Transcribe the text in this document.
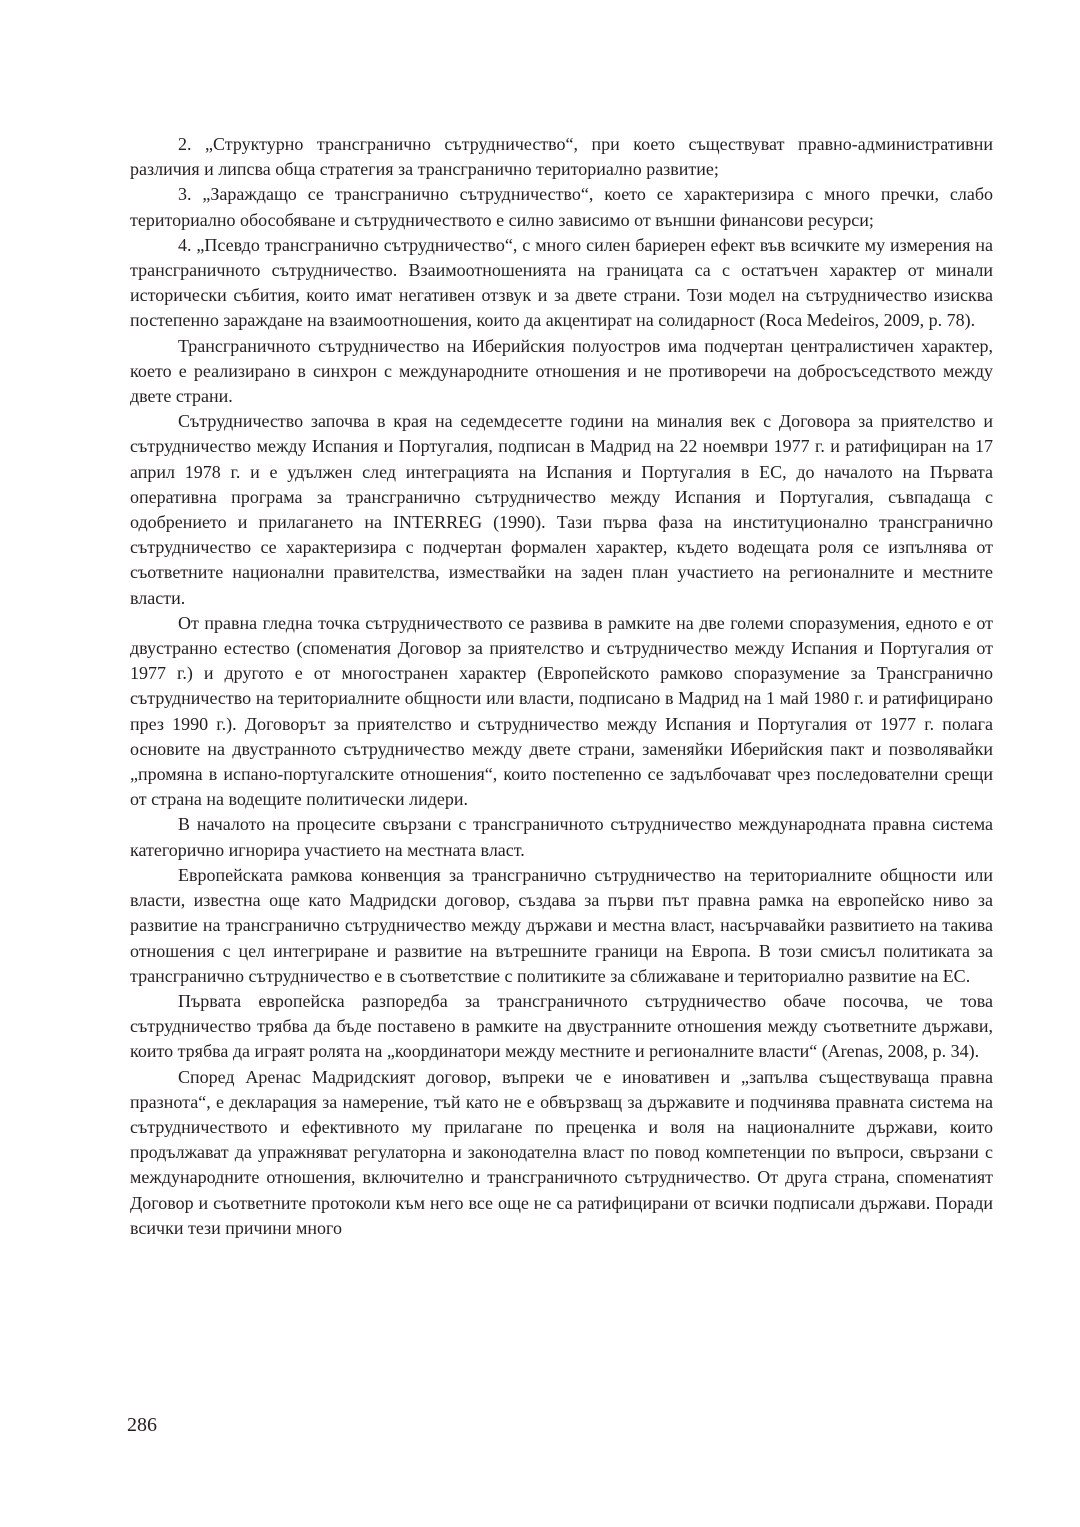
2. „Структурно трансгранично сътрудничество“, при което съществуват правно-административни различия и липсва обща стратегия за трансгранично териториално развитие;

3. „Зараждащо се трансгранично сътрудничество“, което се характеризира с много пречки, слабо териториално обособяване и сътрудничеството е силно зависимо от външни финансови ресурси;

4. „Псевдо трансгранично сътрудничество“, с много силен бариерен ефект във всичките му измерения на трансграничното сътрудничество. Взаимоотношенията на границата са с остатъчен характер от минали исторически събития, които имат негативен отзвук и за двете страни. Този модел на сътрудничество изисква постепенно зараждане на взаимоотношения, които да акцентират на солидарност (Roca Medeiros, 2009, p. 78).

Трансграничното сътрудничество на Иберийския полуостров има подчертан централистичен характер, което е реализирано в синхрон с международните отношения и не противоречи на добросъседството между двете страни.

Сътрудничество започва в края на седемдесетте години на миналия век с Договора за приятелство и сътрудничество между Испания и Португалия, подписан в Мадрид на 22 ноември 1977 г. и ратифициран на 17 април 1978 г. и е удължен след интеграцията на Испания и Португалия в ЕС, до началото на Първата оперативна програма за трансгранично сътрудничество между Испания и Португалия, съвпадаща с одобрението и прилагането на INTERREG (1990). Тази първа фаза на институционално трансгранично сътрудничество се характеризира с подчертан формален характер, където водещата роля се изпълнява от съответните национални правителства, измествайки на заден план участието на регионалните и местните власти.

От правна гледна точка сътрудничеството се развива в рамките на две големи споразумения, едното е от двустранно естество (споменатия Договор за приятелство и сътрудничество между Испания и Португалия от 1977 г.) и другото е от многостранен характер (Европейското рамково споразумение за Трансгранично сътрудничество на териториалните общности или власти, подписано в Мадрид на 1 май 1980 г. и ратифицирано през 1990 г.). Договорът за приятелство и сътрудничество между Испания и Португалия от 1977 г. полага основите на двустранното сътрудничество между двете страни, заменяйки Иберийския пакт и позволявайки „промяна в испано-португалските отношения“, които постепенно се задълбочават чрез последователни срещи от страна на водещите политически лидери.

В началото на процесите свързани с трансграничното сътрудничество международната правна система категорично игнорира участието на местната власт.

Европейската рамкова конвенция за трансгранично сътрудничество на териториалните общности или власти, известна още като Мадридски договор, създава за първи път правна рамка на европейско ниво за развитие на трансгранично сътрудничество между държави и местна власт, насърчавайки развитието на такива отношения с цел интегриране и развитие на вътрешните граници на Европа. В този смисъл политиката за трансгранично сътрудничество е в съответствие с политиките за сближаване и териториално развитие на ЕС.

Първата европейска разпоредба за трансграничното сътрудничество обаче посочва, че това сътрудничество трябва да бъде поставено в рамките на двустранните отношения между съответните държави, които трябва да играят ролята на „координатори между местните и регионалните власти“ (Arenas, 2008, p. 34).

Според Аренас Мадридският договор, въпреки че е иновативен и „запълва съществуваща правна празнота“, е декларация за намерение, тъй като не е обвързващ за държавите и подчинява правната система на сътрудничеството и ефективното му прилагане по преценка и воля на националните държави, които продължават да упражняват регулаторна и законодателна власт по повод компетенции по въпроси, свързани с международните отношения, включително и трансграничното сътрудничество. От друга страна, споменатият Договор и съответните протоколи към него все още не са ратифицирани от всички подписали държави. Поради всички тези причини много

286
